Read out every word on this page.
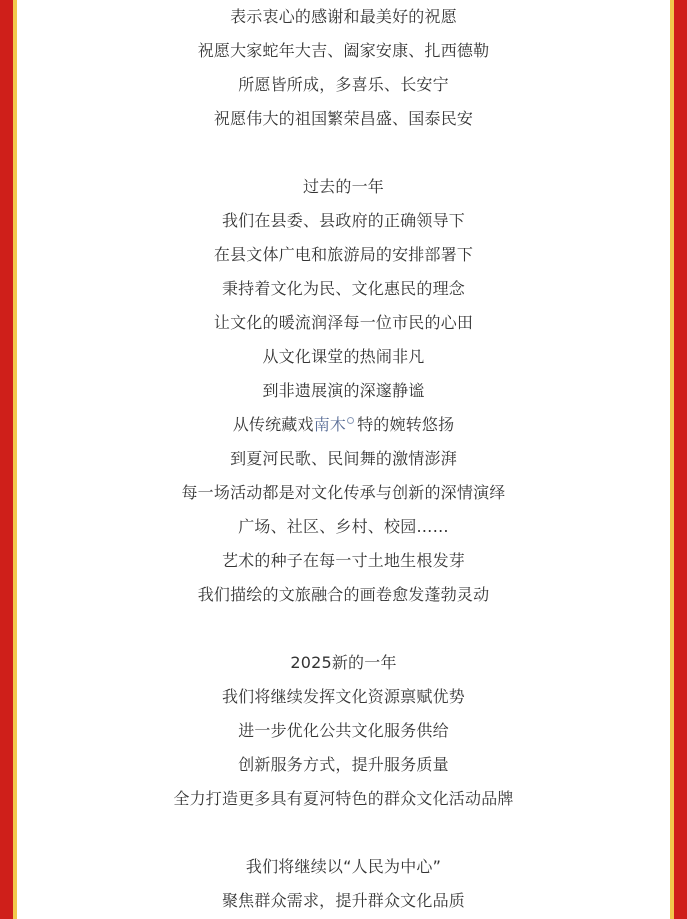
表示衷心的感谢和最美好的祝愿
祝愿大家蛇年大吉、阖家安康、扎西德勒
所愿皆所成，多喜乐、长安宁
祝愿伟大的祖国繁荣昌盛、国泰民安
过去的一年
我们在县委、县政府的正确领导下
在县文体广电和旅游局的安排部署下
秉持着文化为民、文化惠民的理念
让文化的暖流润泽每一位市民的心田
从文化课堂的热闹非凡
到非遗展演的深邃静谧
从传统藏戏南木 特的婉转悠扬
到夏河民歌、民间舞的激情澎湃
每一场活动都是对文化传承与创新的深情演绎
广场、社区、乡村、校园……
艺术的种子在每一寸土地生根发芽
我们描绘的文旅融合的画卷愈发蓬勃灵动
2025新的一年
我们将继续发挥文化资源禀赋优势
进一步优化公共文化服务供给
创新服务方式，提升服务质量
全力打造更多具有夏河特色的群众文化活动品牌
我们将继续以“人民为中心”
聚焦群众需求，提升群众文化品质
